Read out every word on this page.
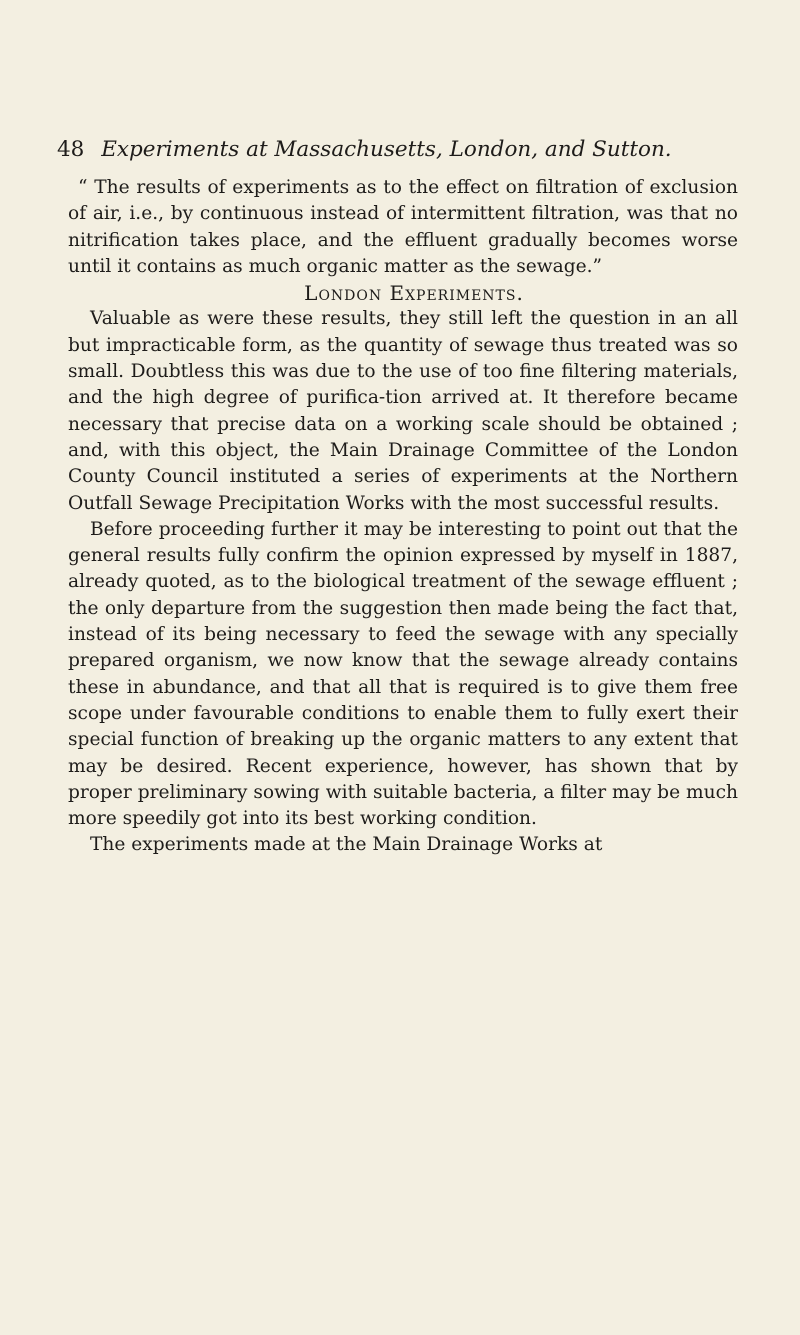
48 Experiments at Massachusetts, London, and Sutton.

“ The results of experiments as to the effect on filtration of exclusion of air, i.e., by continuous instead of intermittent filtration, was that no nitrification takes place, and the effluent gradually becomes worse until it contains as much organic matter as the sewage.”

London Experiments.

Valuable as were these results, they still left the question in an all but impracticable form, as the quantity of sewage thus treated was so small. Doubtless this was due to the use of too fine filtering materials, and the high degree of purifica-tion arrived at. It therefore became necessary that precise data on a working scale should be obtained ; and, with this object, the Main Drainage Committee of the London County Council instituted a series of experiments at the Northern Outfall Sewage Precipitation Works with the most successful results.

Before proceeding further it may be interesting to point out that the general results fully confirm the opinion expressed by myself in 1887, already quoted, as to the biological treatment of the sewage effluent ; the only departure from the suggestion then made being the fact that, instead of its being necessary to feed the sewage with any specially prepared organism, we now know that the sewage already contains these in abundance, and that all that is required is to give them free scope under favourable conditions to enable them to fully exert their special function of breaking up the organic matters to any extent that may be desired. Recent experience, however, has shown that by proper preliminary sowing with suitable bacteria, a filter may be much more speedily got into its best working condition.

The experiments made at the Main Drainage Works at
